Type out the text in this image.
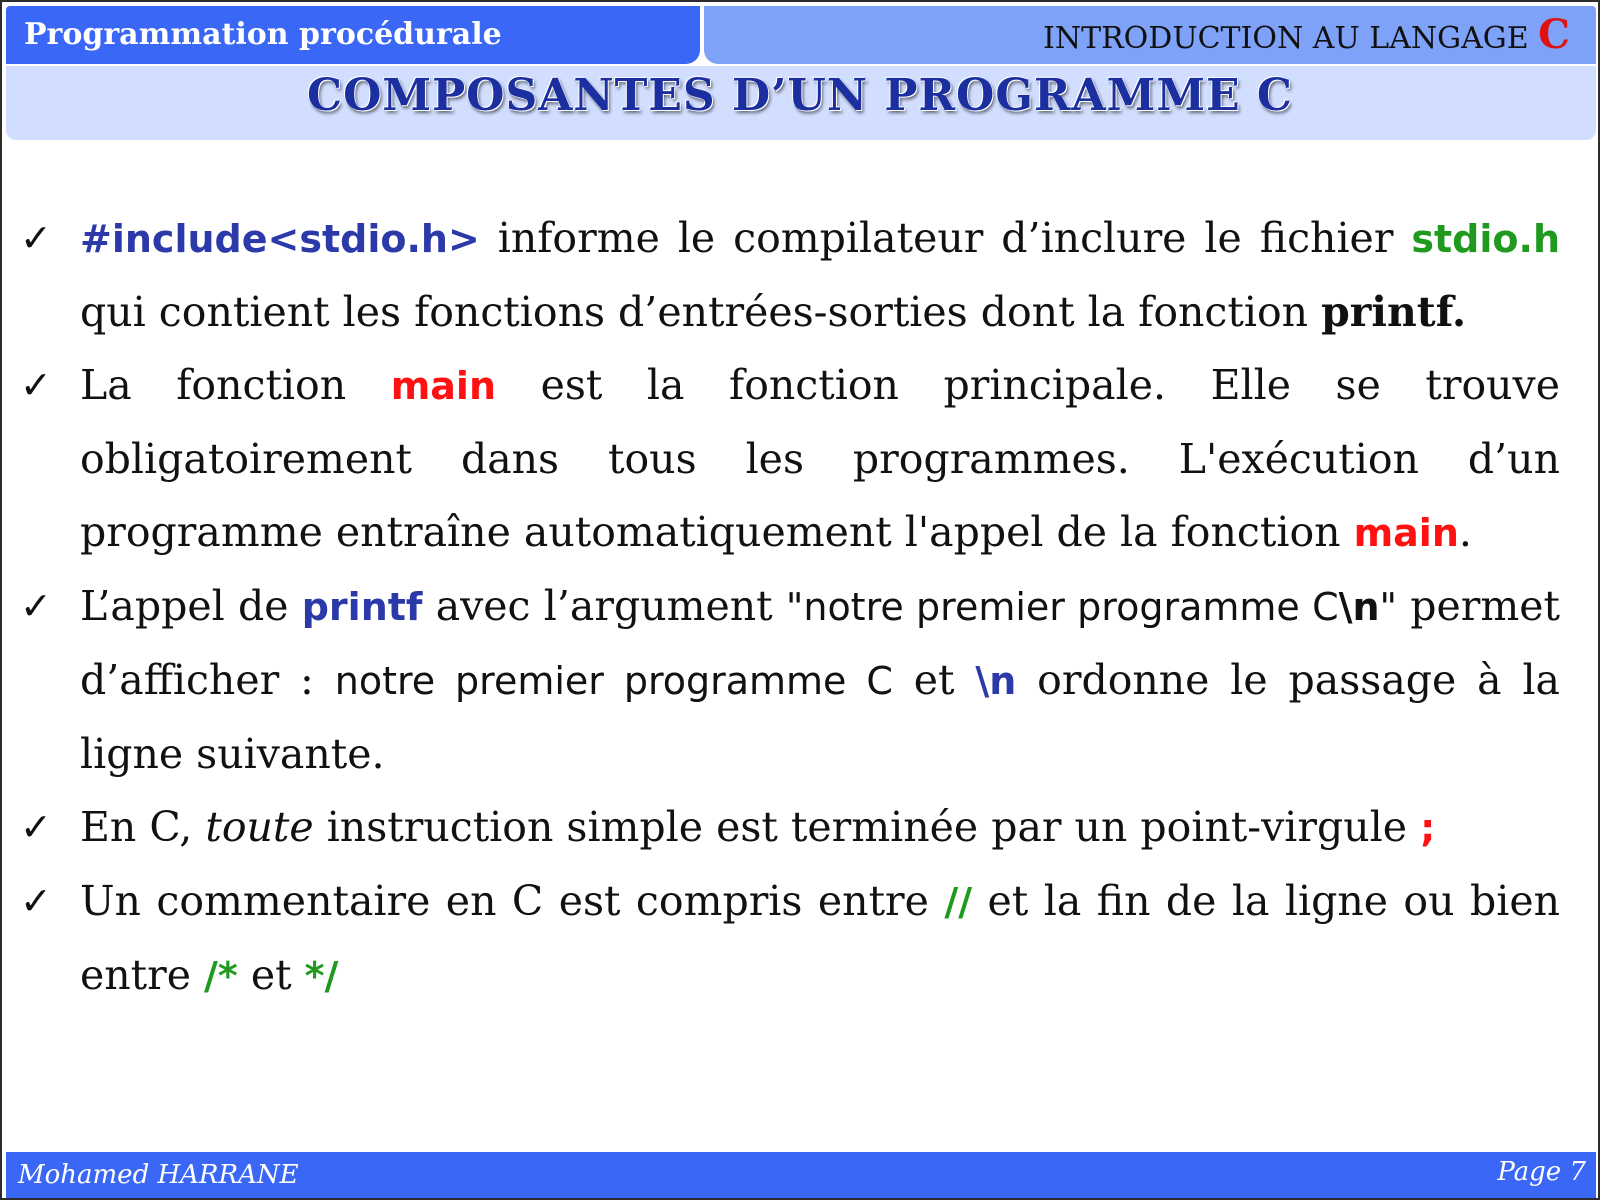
Programmation procédurale	INTRODUCTION AU LANGAGE C
COMPOSANTES D’UN PROGRAMME C
✓ #include<stdio.h> informe le compilateur d’inclure le fichier stdio.h qui contient les fonctions d’entrées-sorties dont la fonction printf.
✓ La fonction main est la fonction principale. Elle se trouve obligatoirement dans tous les programmes. L'exécution d’un programme entraîne automatiquement l'appel de la fonction main.
✓ L’appel de printf avec l’argument "notre premier programme C\n" permet d’afficher : notre premier programme C et \n ordonne le passage à la ligne suivante.
✓ En C, toute instruction simple est terminée par un point-virgule ;
✓ Un commentaire en C est compris entre // et la fin de la ligne ou bien entre /* et */
Mohamed HARRANE	Page 7
